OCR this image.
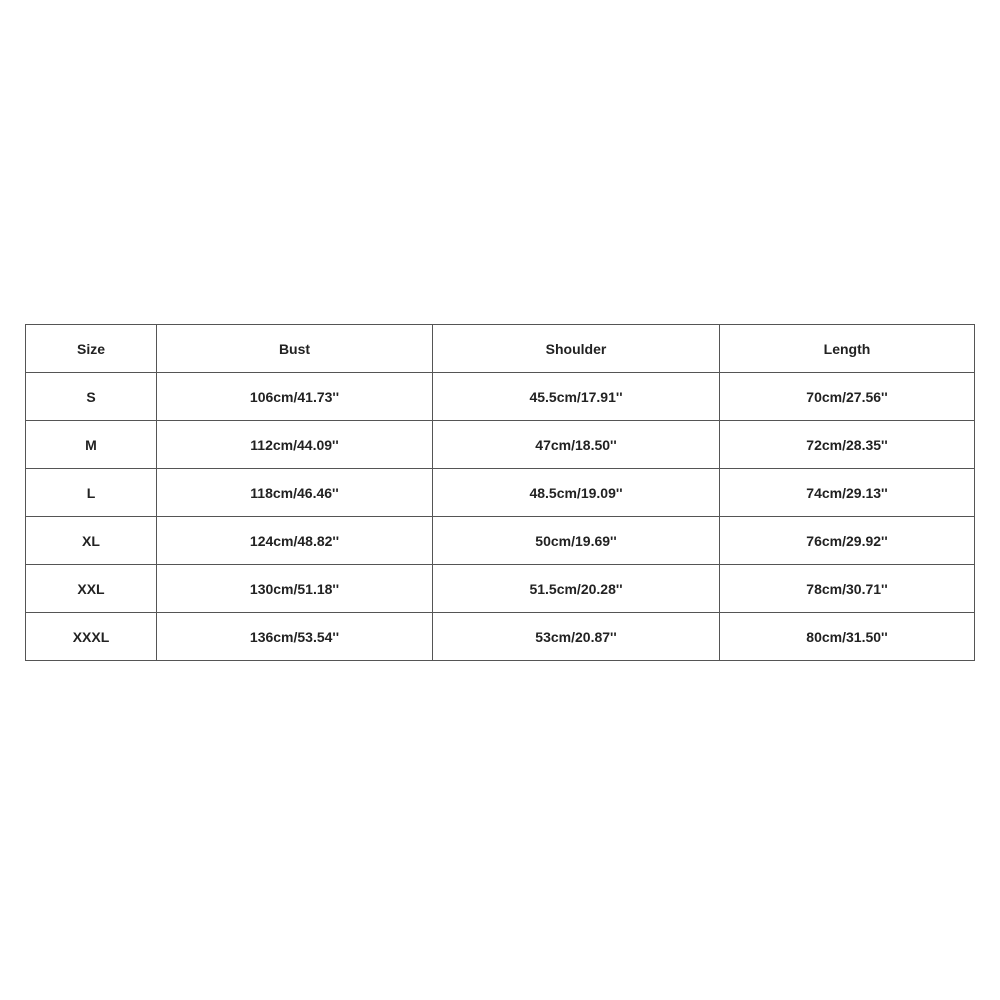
Size	Bust	Shoulder	Length
S	106cm/41.73''	45.5cm/17.91''	70cm/27.56''
M	112cm/44.09''	47cm/18.50''	72cm/28.35''
L	118cm/46.46''	48.5cm/19.09''	74cm/29.13''
XL	124cm/48.82''	50cm/19.69''	76cm/29.92''
XXL	130cm/51.18''	51.5cm/20.28''	78cm/30.71''
XXXL	136cm/53.54''	53cm/20.87''	80cm/31.50''
